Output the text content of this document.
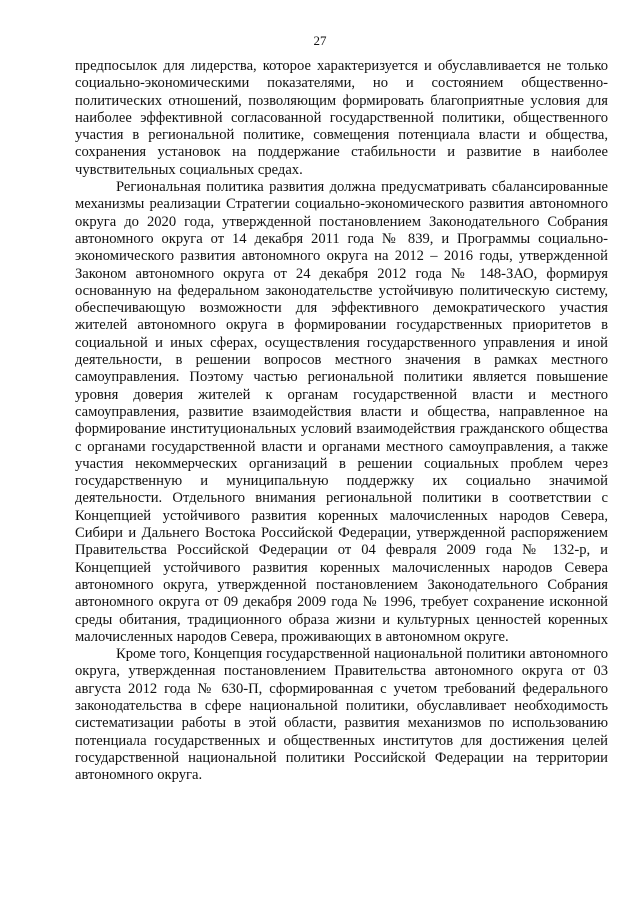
27

предпосылок для лидерства, которое характеризуется и обуславливается не только социально-экономическими показателями, но и состоянием общественно-политических отношений, позволяющим формировать благоприятные условия для наиболее эффективной согласованной государственной политики, общественного участия в региональной политике, совмещения потенциала власти и общества, сохранения установок на поддержание стабильности и развитие в наиболее чувствительных социальных средах.

Региональная политика развития должна предусматривать сбалансированные механизмы реализации Стратегии социально-экономического развития автономного округа до 2020 года, утвержденной постановлением Законодательного Собрания автономного округа от 14 декабря 2011 года № 839, и Программы социально-экономического развития автономного округа на 2012 – 2016 годы, утвержденной Законом автономного округа от 24 декабря 2012 года № 148-ЗАО, формируя основанную на федеральном законодательстве устойчивую политическую систему, обеспечивающую возможности для эффективного демократического участия жителей автономного округа в формировании государственных приоритетов в социальной и иных сферах, осуществления государственного управления и иной деятельности, в решении вопросов местного значения в рамках местного самоуправления. Поэтому частью региональной политики является повышение уровня доверия жителей к органам государственной власти и местного самоуправления, развитие взаимодействия власти и общества, направленное на формирование институциональных условий взаимодействия гражданского общества с органами государственной власти и органами местного самоуправления, а также участия некоммерческих организаций в решении социальных проблем через государственную и муниципальную поддержку их социально значимой деятельности. Отдельного внимания региональной политики в соответствии с Концепцией устойчивого развития коренных малочисленных народов Севера, Сибири и Дальнего Востока Российской Федерации, утвержденной распоряжением Правительства Российской Федерации от 04 февраля 2009 года № 132-р, и Концепцией устойчивого развития коренных малочисленных народов Севера автономного округа, утвержденной постановлением Законодательного Собрания автономного округа от 09 декабря 2009 года № 1996, требует сохранение исконной среды обитания, традиционного образа жизни и культурных ценностей коренных малочисленных народов Севера, проживающих в автономном округе.

Кроме того, Концепция государственной национальной политики автономного округа, утвержденная постановлением Правительства автономного округа от 03 августа 2012 года № 630-П, сформированная с учетом требований федерального законодательства в сфере национальной политики, обуславливает необходимость систематизации работы в этой области, развития механизмов по использованию потенциала государственных и общественных институтов для достижения целей государственной национальной политики Российской Федерации на территории автономного округа.
